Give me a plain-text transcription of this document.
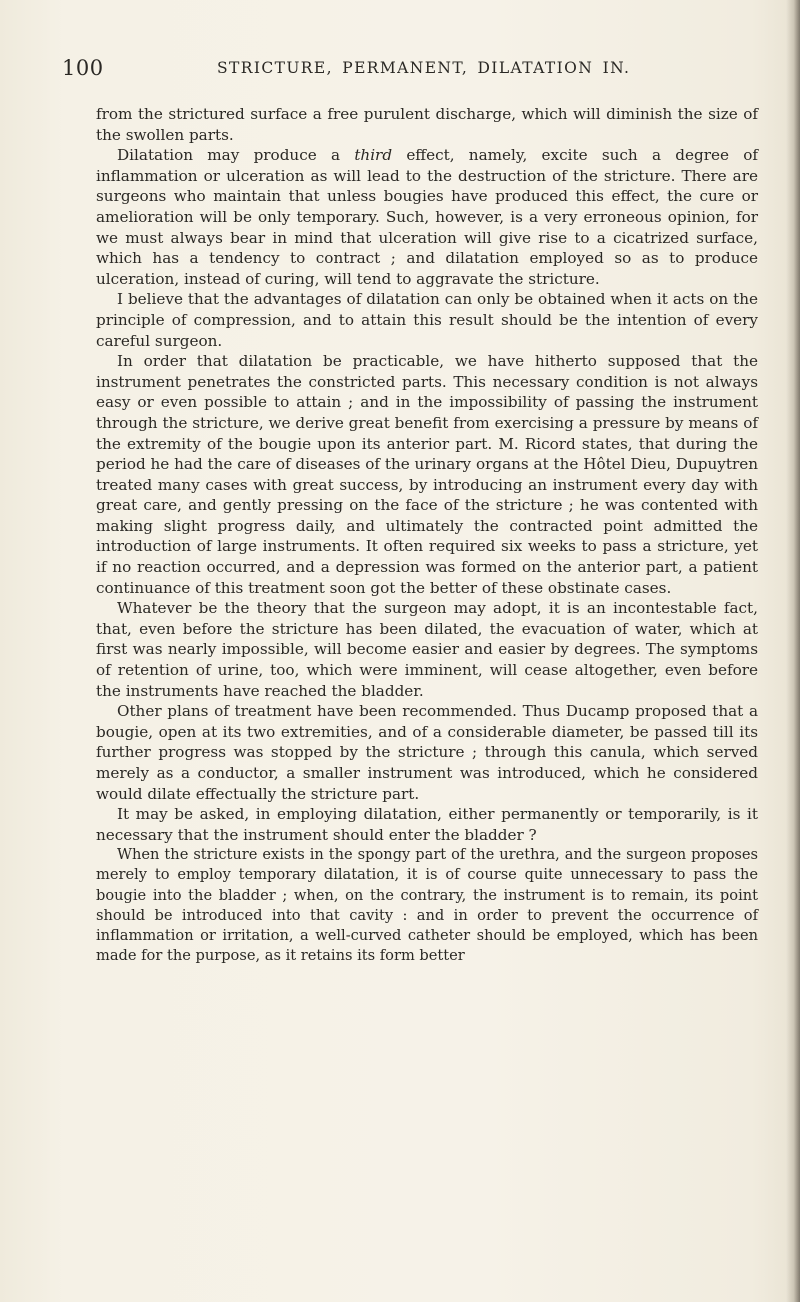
100	STRICTURE, PERMANENT, DILATATION IN.

from the strictured surface a free purulent discharge, which will diminish the size of the swollen parts.

Dilatation may produce a third effect, namely, excite such a degree of inflammation or ulceration as will lead to the destruction of the stricture. There are surgeons who maintain that unless bougies have produced this effect, the cure or amelioration will be only temporary. Such, however, is a very erroneous opinion, for we must always bear in mind that ulceration will give rise to a cicatrized surface, which has a tendency to contract ; and dilatation employed so as to produce ulceration, instead of curing, will tend to aggravate the stricture.

I believe that the advantages of dilatation can only be obtained when it acts on the principle of compression, and to attain this result should be the intention of every careful surgeon.

In order that dilatation be practicable, we have hitherto supposed that the instrument penetrates the constricted parts. This necessary condition is not always easy or even possible to attain ; and in the impossibility of passing the instrument through the stricture, we derive great benefit from exercising a pressure by means of the extremity of the bougie upon its anterior part. M. Ricord states, that during the period he had the care of diseases of the urinary organs at the Hôtel Dieu, Dupuytren treated many cases with great success, by introducing an instrument every day with great care, and gently pressing on the face of the stricture ; he was contented with making slight progress daily, and ultimately the contracted point admitted the introduction of large instruments. It often required six weeks to pass a stricture, yet if no reaction occurred, and a depression was formed on the anterior part, a patient continuance of this treatment soon got the better of these obstinate cases.

Whatever be the theory that the surgeon may adopt, it is an incontestable fact, that, even before the stricture has been dilated, the evacuation of water, which at first was nearly impossible, will become easier and easier by degrees. The symptoms of retention of urine, too, which were imminent, will cease altogether, even before the instruments have reached the bladder.

Other plans of treatment have been recommended. Thus Ducamp proposed that a bougie, open at its two extremities, and of a considerable diameter, be passed till its further progress was stopped by the stricture ; through this canula, which served merely as a conductor, a smaller instrument was introduced, which he considered would dilate effectually the stricture part.

It may be asked, in employing dilatation, either permanently or temporarily, is it necessary that the instrument should enter the bladder ?

When the stricture exists in the spongy part of the urethra, and the surgeon proposes merely to employ temporary dilatation, it is of course quite unnecessary to pass the bougie into the bladder ; when, on the contrary, the instrument is to remain, its point should be introduced into that cavity : and in order to prevent the occurrence of inflammation or irritation, a well-curved catheter should be employed, which has been made for the purpose, as it retains its form better
